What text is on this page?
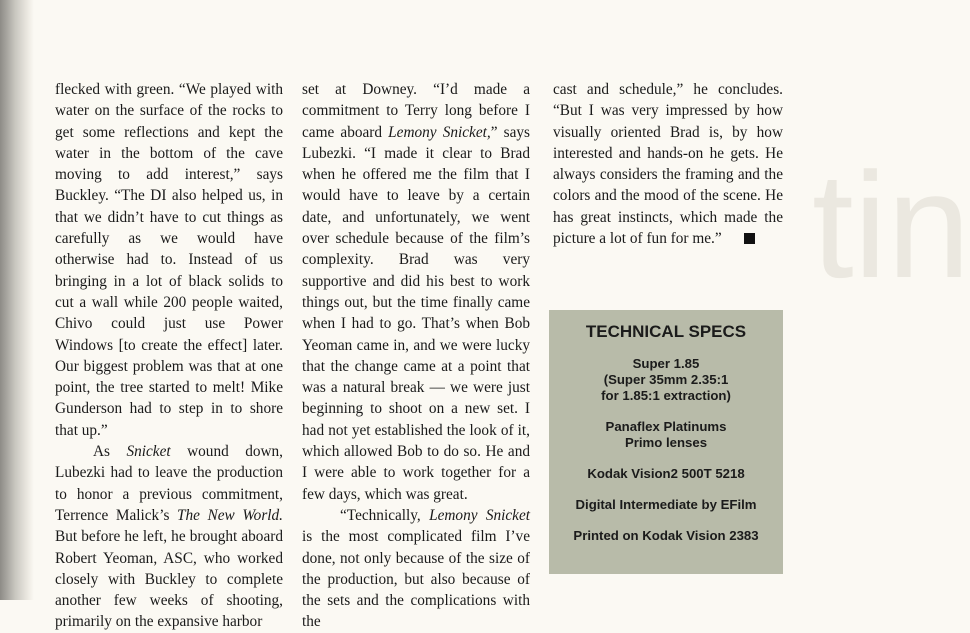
tin

flecked with green. “We played with water on the surface of the rocks to get some reflections and kept the water in the bottom of the cave moving to add interest,” says Buckley. “The DI also helped us, in that we didn’t have to cut things as carefully as we would have otherwise had to. Instead of us bringing in a lot of black solids to cut a wall while 200 people waited, Chivo could just use Power Windows [to create the effect] later. Our biggest problem was that at one point, the tree started to melt! Mike Gunderson had to step in to shore that up.”

As Snicket wound down, Lubezki had to leave the production to honor a previous commitment, Terrence Malick’s The New World. But before he left, he brought aboard Robert Yeoman, ASC, who worked closely with Buckley to complete another few weeks of shooting, primarily on the expansive harbor

set at Downey. “I’d made a commitment to Terry long before I came aboard Lemony Snicket,” says Lubezki. “I made it clear to Brad when he offered me the film that I would have to leave by a certain date, and unfortunately, we went over schedule because of the film’s complexity. Brad was very supportive and did his best to work things out, but the time finally came when I had to go. That’s when Bob Yeoman came in, and we were lucky that the change came at a point that was a natural break — we were just beginning to shoot on a new set. I had not yet established the look of it, which allowed Bob to do so. He and I were able to work together for a few days, which was great.

“Technically, Lemony Snicket is the most complicated film I’ve done, not only because of the size of the production, but also because of the sets and the complications with the

cast and schedule,” he concludes. “But I was very impressed by how visually oriented Brad is, by how interested and hands-on he gets. He always considers the framing and the colors and the mood of the scene. He has great instincts, which made the picture a lot of fun for me.”

TECHNICAL SPECS
Super 1.85
(Super 35mm 2.35:1
for 1.85:1 extraction)
Panaflex Platinums
Primo lenses
Kodak Vision2 500T 5218
Digital Intermediate by EFilm
Printed on Kodak Vision 2383
